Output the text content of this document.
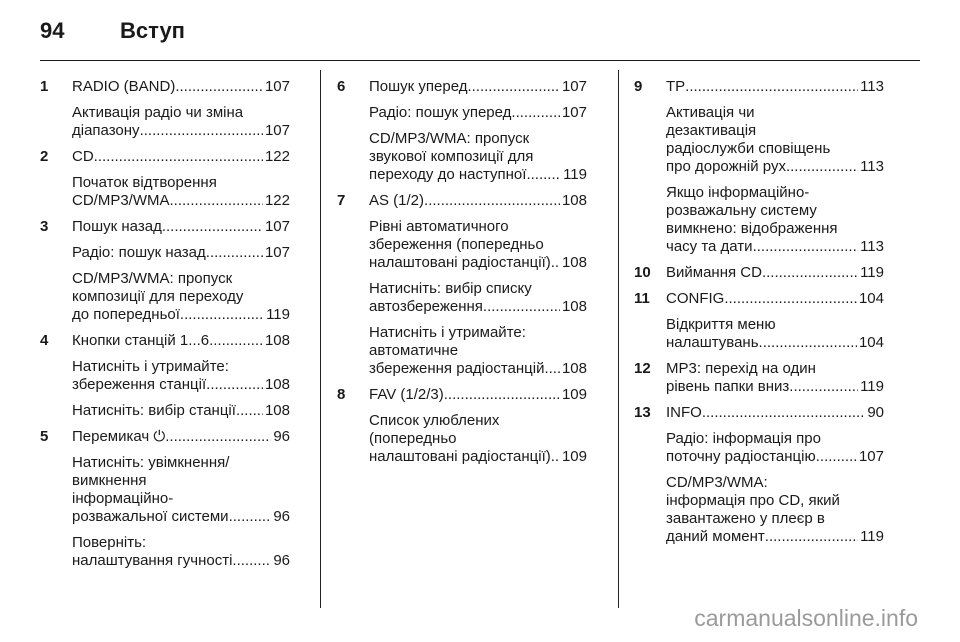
94	Вступ
1 RADIO (BAND) .....	107
Активація радіо чи зміна
діапазону .....	107
2 CD .....	122
Початок відтворення
CD/MP3/WMA .....	122
3 Пошук назад .....	107
Радіо: пошук назад .....	107
CD/MP3/WMA: пропуск
композиції для переходу
до попередньої .....	119
4 Кнопки станцій 1...6 .....	108
Натисніть і утримайте:
збереження станції .....	108
Натисніть: вибір станції ..... 108
5 Перемикач ⏻ .....	96
Натисніть: увімкнення/
вимкнення
інформаційно-
розважальної системи .....	96
Поверніть:
налаштування гучності .....	96
6 Пошук уперед .....	107
Радіо: пошук уперед .....	107
CD/MP3/WMA: пропуск
звукової композиції для
переходу до наступної ..... 119
7 AS (1/2) .....	108
Рівні автоматичного
збереження (попередньо
налаштовані радіостанції) ..... 108
Натисніть: вибір списку
автозбереження .....	108
Натисніть і утримайте:
автоматичне
збереження радіостанцій ..... 108
8 FAV (1/2/3) .....	109
Список улюблених
(попередньо
налаштовані радіостанції) ..... 109
9 TP .....	113
Активація чи
дезактивація
радіослужби сповіщень
про дорожній рух .....	113
Якщо інформаційно-
розважальну систему
вимкнено: відображення
часу та дати .....	113
10 Виймання CD .....	119
11 CONFIG .....	104
Відкриття меню
налаштувань .....	104
12 MP3: перехід на один
рівень папки вниз .....	119
13 INFO .....	90
Радіо: інформація про
поточну радіостанцію .....	107
CD/MP3/WMA:
інформація про CD, який
завантажено у плеєр в
даний момент .....	119
carmanualsonline.info
